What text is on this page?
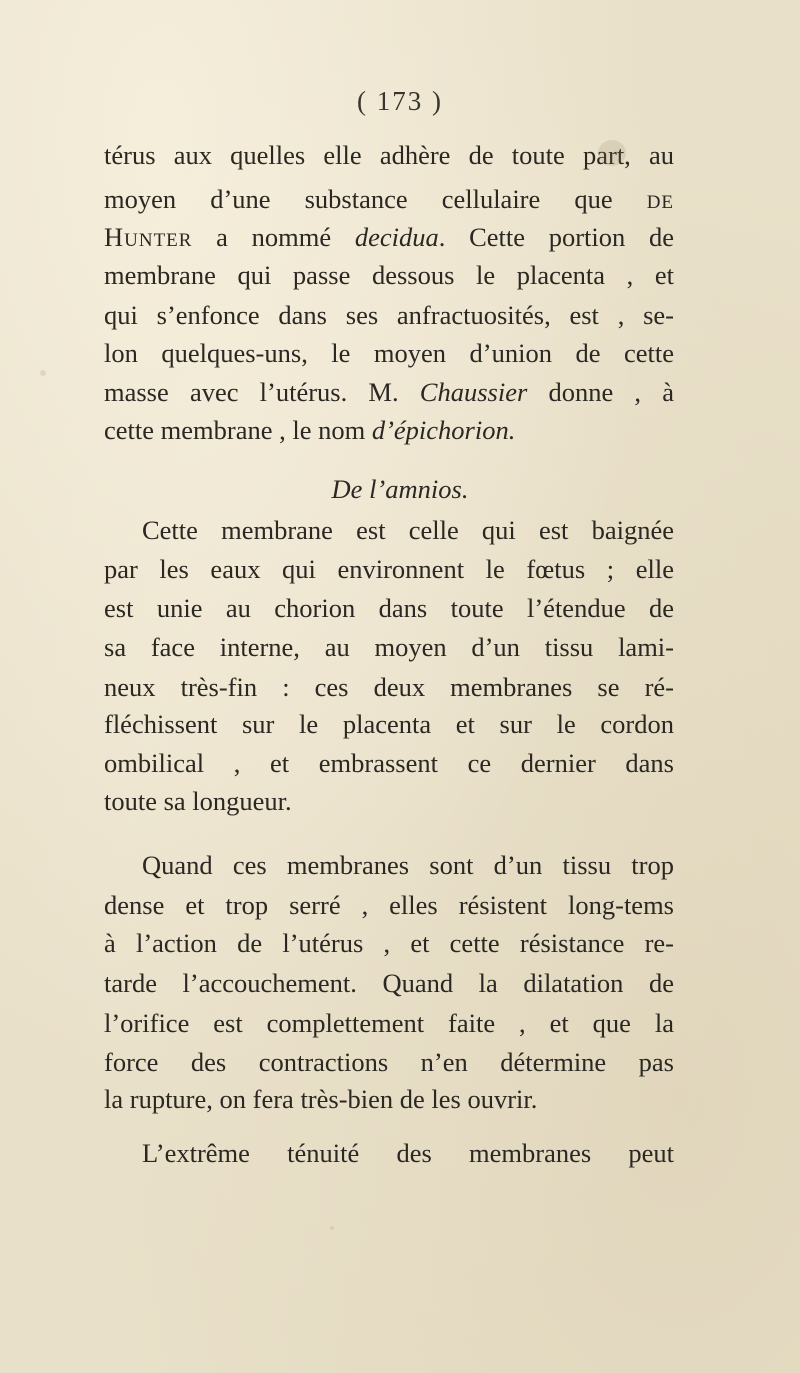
( 173 )
térus aux quelles elle adhère de toute part, au
moyen d’une substance cellulaire que de
Hunter a nommé decidua. Cette portion de
membrane qui passe dessous le placenta , et
qui s’enfonce dans ses anfractuosités, est , se-
lon quelques-uns, le moyen d’union de cette
masse avec l’utérus. M. Chaussier donne , à
cette membrane , le nom d’épichorion.
De l’amnios.
Cette membrane est celle qui est baignée
par les eaux qui environnent le fœtus ; elle
est unie au chorion dans toute l’étendue de
sa face interne, au moyen d’un tissu lami-
neux très-fin : ces deux membranes se ré-
fléchissent sur le placenta et sur le cordon
ombilical , et embrassent ce dernier dans
toute sa longueur.
Quand ces membranes sont d’un tissu trop
dense et trop serré , elles résistent long-tems
à l’action de l’utérus , et cette résistance re-
tarde l’accouchement. Quand la dilatation de
l’orifice est complettement faite , et que la
force des contractions n’en détermine pas
la rupture, on fera très-bien de les ouvrir.
L’extrême ténuité des membranes peut
